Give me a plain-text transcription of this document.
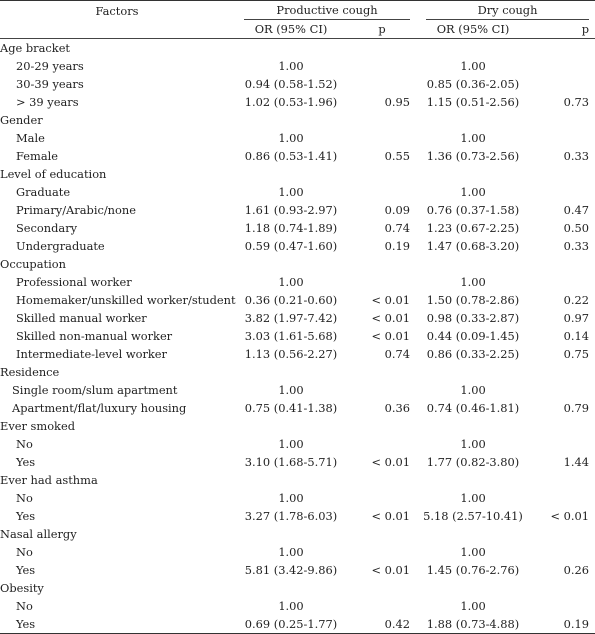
Factors	Productive cough		Dry cough	

	OR (95% CI)	p	OR (95% CI)	p
Age bracket				
20-29 years	1.00		1.00	
30-39 years	0.94 (0.58-1.52)		0.85 (0.36-2.05)	
> 39 years	1.02 (0.53-1.96)	0.95	1.15 (0.51-2.56)	0.73
Gender				
Male	1.00		1.00	
Female	0.86 (0.53-1.41)	0.55	1.36 (0.73-2.56)	0.33
Level of education				
Graduate	1.00		1.00	
Primary/Arabic/none	1.61 (0.93-2.97)	0.09	0.76 (0.37-1.58)	0.47
Secondary	1.18 (0.74-1.89)	0.74	1.23 (0.67-2.25)	0.50
Undergraduate	0.59 (0.47-1.60)	0.19	1.47 (0.68-3.20)	0.33
Occupation				
Professional worker	1.00		1.00	
Homemaker/unskilled worker/student	0.36 (0.21-0.60)	< 0.01	1.50 (0.78-2.86)	0.22
Skilled manual worker	3.82 (1.97-7.42)	< 0.01	0.98 (0.33-2.87)	0.97
Skilled non-manual worker	3.03 (1.61-5.68)	< 0.01	0.44 (0.09-1.45)	0.14
Intermediate-level worker	1.13 (0.56-2.27)	0.74	0.86 (0.33-2.25)	0.75
Residence				
Single room/slum apartment	1.00		1.00	
Apartment/flat/luxury housing	0.75 (0.41-1.38)	0.36	0.74 (0.46-1.81)	0.79
Ever smoked				
No	1.00		1.00	
Yes	3.10 (1.68-5.71)	< 0.01	1.77 (0.82-3.80)	1.44
Ever had asthma				
No	1.00		1.00	
Yes	3.27 (1.78-6.03)	< 0.01	5.18 (2.57-10.41)	< 0.01
Nasal allergy				
No	1.00		1.00	
Yes	5.81 (3.42-9.86)	< 0.01	1.45 (0.76-2.76)	0.26
Obesity				
No	1.00		1.00	
Yes	0.69 (0.25-1.77)	0.42	1.88 (0.73-4.88)	0.19
